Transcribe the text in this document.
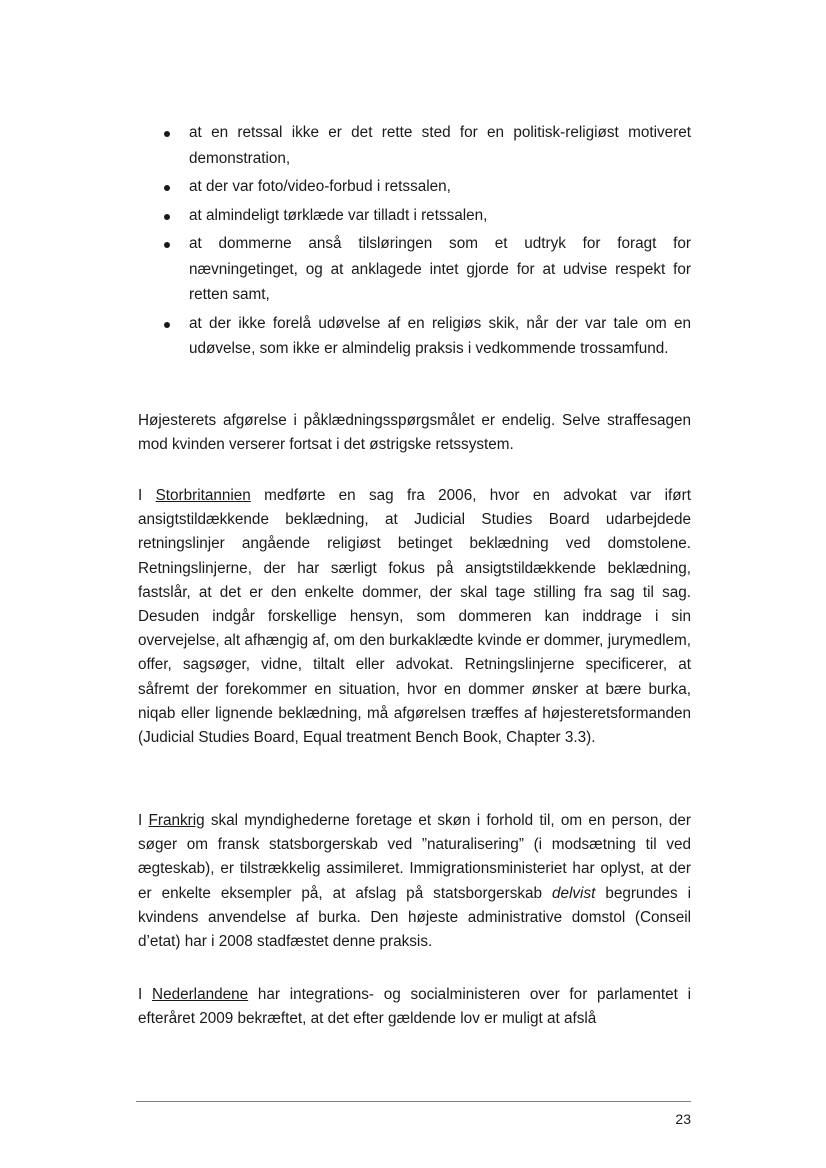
at en retssal ikke er det rette sted for en politisk-religiøst motiveret demonstration,
at der var foto/video-forbud i retssalen,
at almindeligt tørklæde var tilladt i retssalen,
at dommerne anså tilsløringen som et udtryk for foragt for nævningetinget, og at anklagede intet gjorde for at udvise respekt for retten samt,
at der ikke forelå udøvelse af en religiøs skik, når der var tale om en udøvelse, som ikke er almindelig praksis i vedkommende trossamfund.

Højesterets afgørelse i påklædningsspørgsmålet er endelig. Selve straffesagen mod kvinden verserer fortsat i det østrigske retssystem.

I Storbritannien medførte en sag fra 2006, hvor en advokat var iført ansigtstildækkende beklædning, at Judicial Studies Board udarbejdede retningslinjer angående religiøst betinget beklædning ved domstolene. Retningslinjerne, der har særligt fokus på ansigtstildækkende beklædning, fastslår, at det er den enkelte dommer, der skal tage stilling fra sag til sag. Desuden indgår forskellige hensyn, som dommeren kan inddrage i sin overvejelse, alt afhængig af, om den burkaklædte kvinde er dommer, jurymedlem, offer, sagsøger, vidne, tiltalt eller advokat. Retningslinjerne specificerer, at såfremt der forekommer en situation, hvor en dommer ønsker at bære burka, niqab eller lignende beklædning, må afgørelsen træffes af højesteretsformanden (Judicial Studies Board, Equal treatment Bench Book, Chapter 3.3).

I Frankrig skal myndighederne foretage et skøn i forhold til, om en person, der søger om fransk statsborgerskab ved ”naturalisering” (i modsætning til ved ægteskab), er tilstrækkelig assimileret. Immigrationsministeriet har oplyst, at der er enkelte eksempler på, at afslag på statsborgerskab delvist begrundes i kvindens anvendelse af burka. Den højeste administrative domstol (Conseil d’etat) har i 2008 stadfæstet denne praksis.

I Nederlandene har integrations- og socialministeren over for parlamentet i efteråret 2009 bekræftet, at det efter gældende lov er muligt at afslå

23
